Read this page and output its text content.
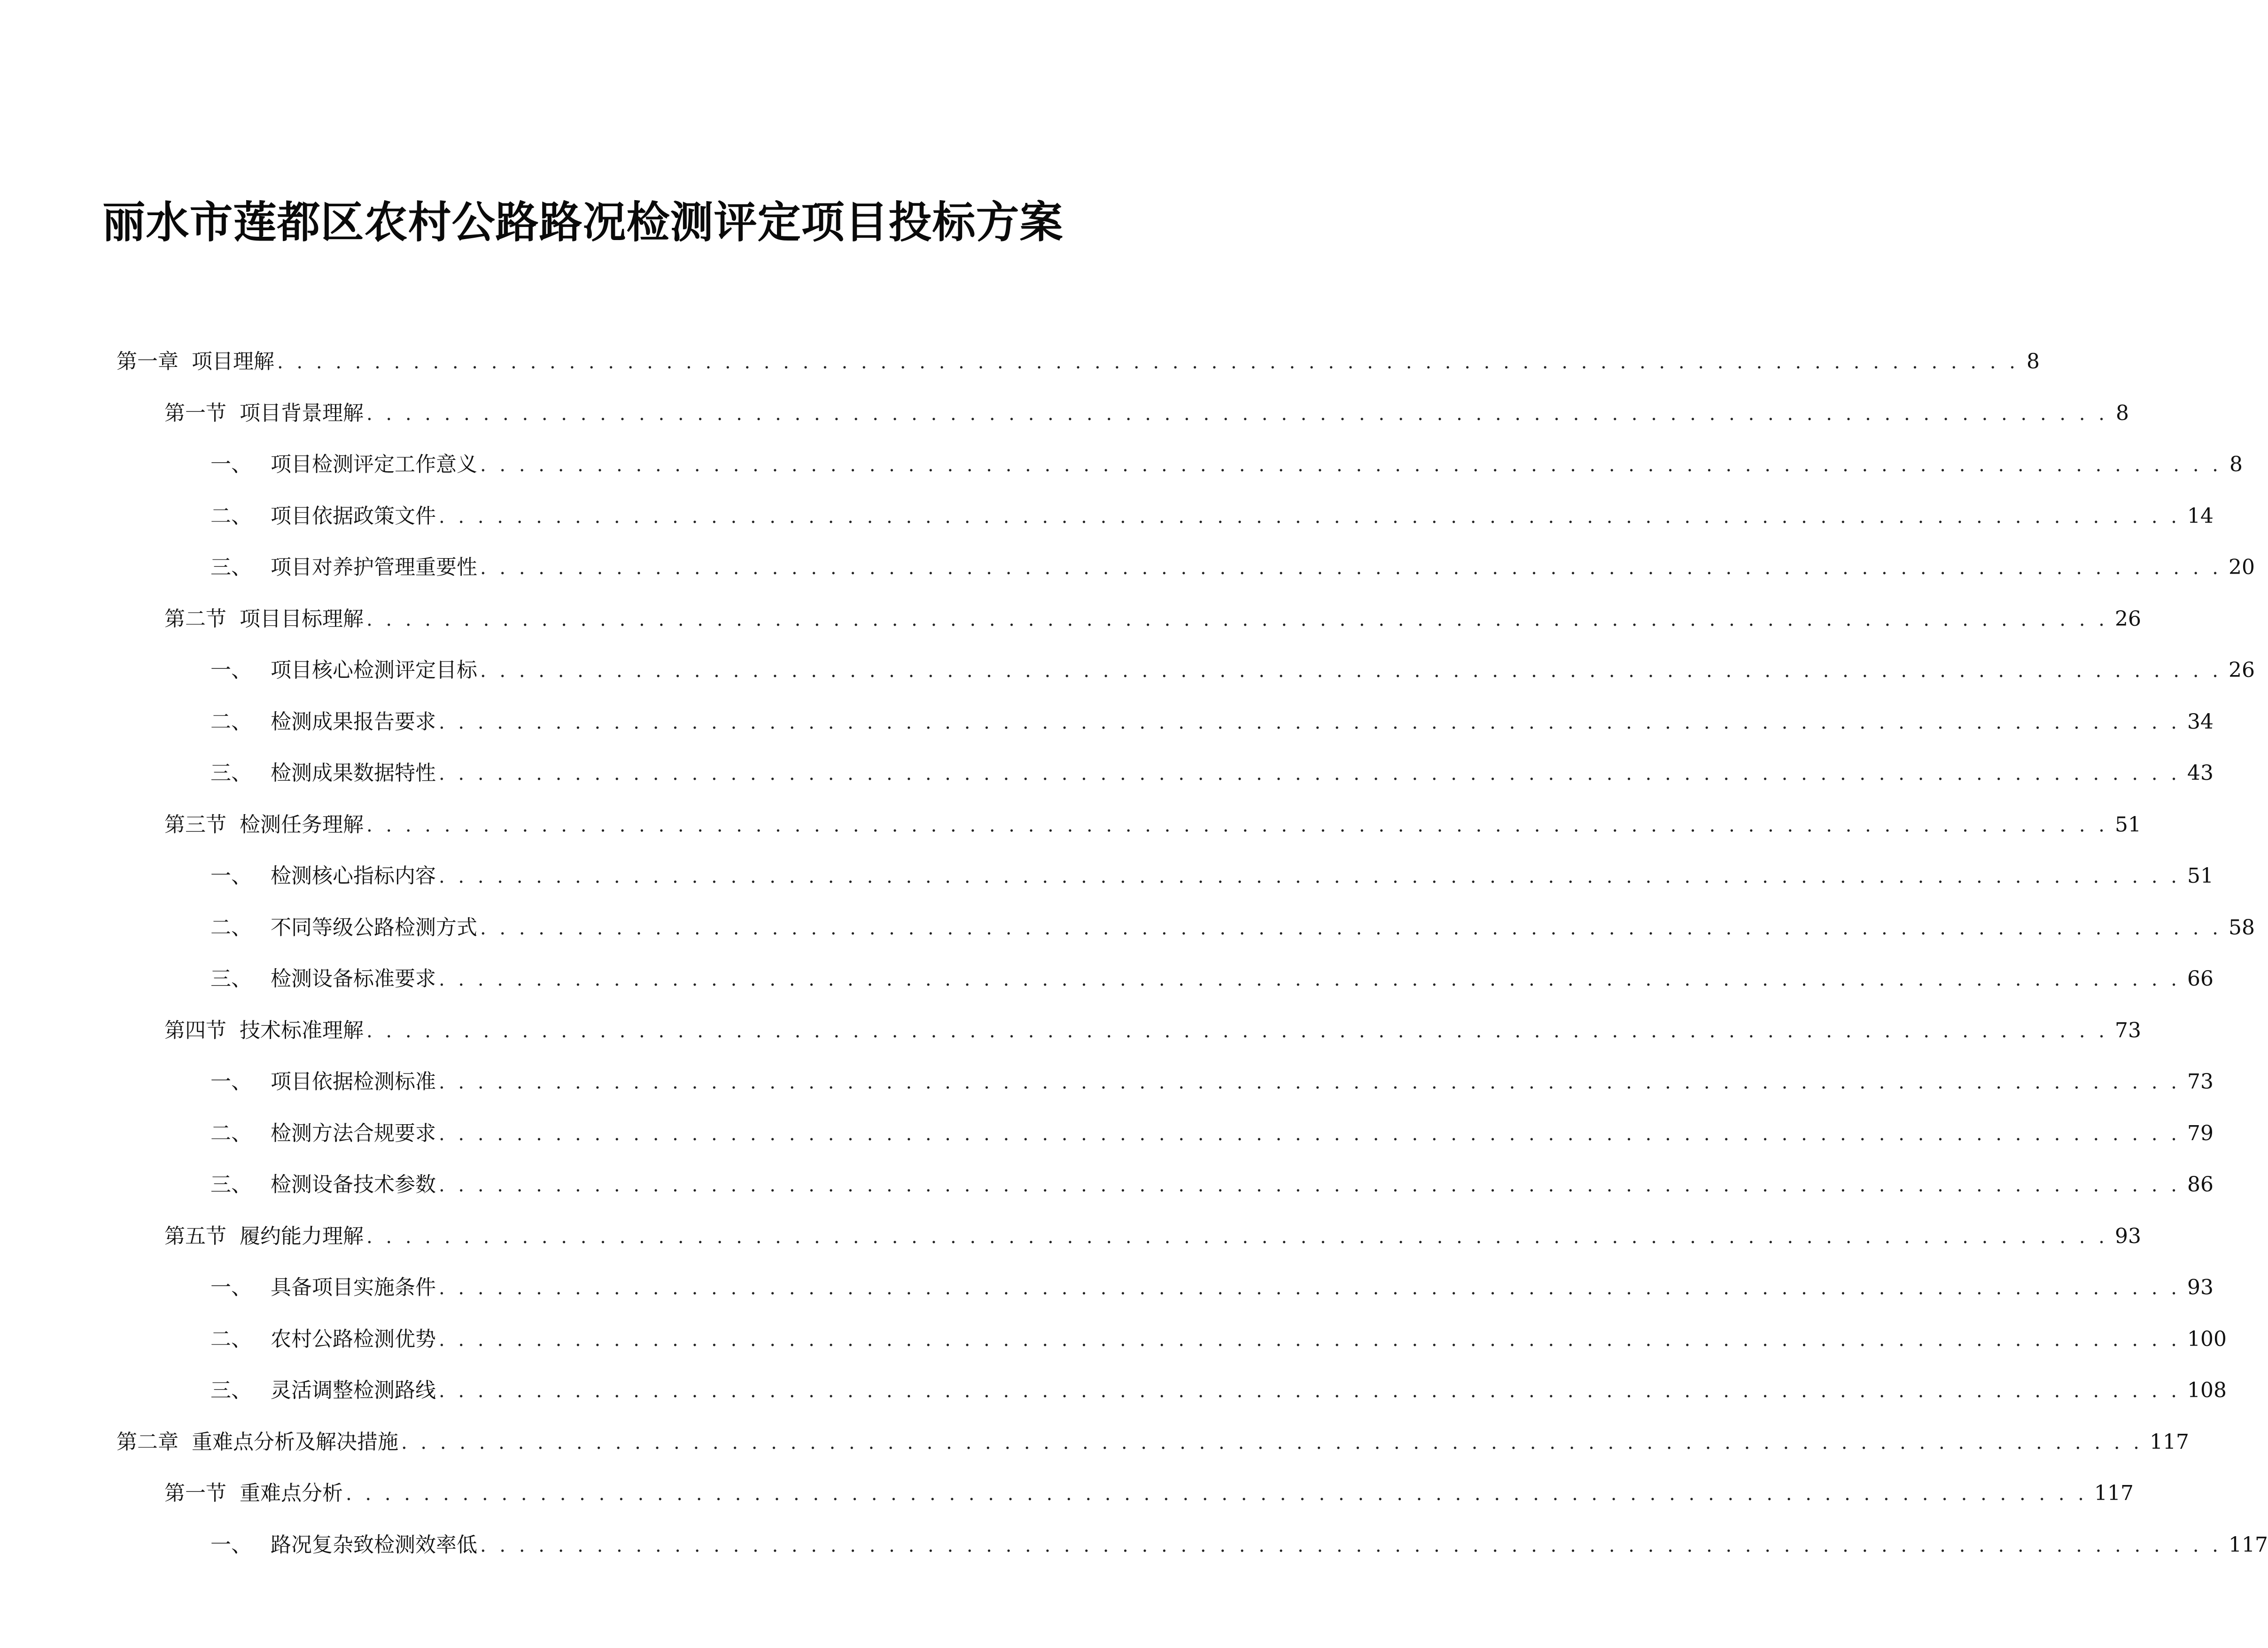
丽水市莲都区农村公路路况检测评定项目投标方案
第一章 项目理解 . . . . . . . . . . . . . . . . . . . . . . . . . . . . . . . . . . . . . . . . . . . . . . . . . . . . . . . . . . . . . . . . . . . . . . . . . . . . . . . . . . . . . . . . . . 8
第一节 项目背景理解 . . . . . . . . . . . . . . . . . . . . . . . . . . . . . . . . . . . . . . . . . . . . . . . . . . . . . . . . . . . . . . . . . . . . . . . . . . . . . . . . . . . . . . . . . . 8
一、 项目检测评定工作意义 . . . . . . . . . . . . . . . . . . . . . . . . . . . . . . . . . . . . . . . . . . . . . . . . . . . . . . . . . . . . . . . . . . . . . . . . . . . . . . . . . . . . . . . . . . 8
二、 项目依据政策文件 . . . . . . . . . . . . . . . . . . . . . . . . . . . . . . . . . . . . . . . . . . . . . . . . . . . . . . . . . . . . . . . . . . . . . . . . . . . . . . . . . . . . . . . . . . 14
三、 项目对养护管理重要性 . . . . . . . . . . . . . . . . . . . . . . . . . . . . . . . . . . . . . . . . . . . . . . . . . . . . . . . . . . . . . . . . . . . . . . . . . . . . . . . . . . . . . . . . . . 20
第二节 项目目标理解 . . . . . . . . . . . . . . . . . . . . . . . . . . . . . . . . . . . . . . . . . . . . . . . . . . . . . . . . . . . . . . . . . . . . . . . . . . . . . . . . . . . . . . . . . . 26
一、 项目核心检测评定目标 . . . . . . . . . . . . . . . . . . . . . . . . . . . . . . . . . . . . . . . . . . . . . . . . . . . . . . . . . . . . . . . . . . . . . . . . . . . . . . . . . . . . . . . . . . 26
二、 检测成果报告要求 . . . . . . . . . . . . . . . . . . . . . . . . . . . . . . . . . . . . . . . . . . . . . . . . . . . . . . . . . . . . . . . . . . . . . . . . . . . . . . . . . . . . . . . . . . 34
三、 检测成果数据特性 . . . . . . . . . . . . . . . . . . . . . . . . . . . . . . . . . . . . . . . . . . . . . . . . . . . . . . . . . . . . . . . . . . . . . . . . . . . . . . . . . . . . . . . . . . 43
第三节 检测任务理解 . . . . . . . . . . . . . . . . . . . . . . . . . . . . . . . . . . . . . . . . . . . . . . . . . . . . . . . . . . . . . . . . . . . . . . . . . . . . . . . . . . . . . . . . . . 51
一、 检测核心指标内容 . . . . . . . . . . . . . . . . . . . . . . . . . . . . . . . . . . . . . . . . . . . . . . . . . . . . . . . . . . . . . . . . . . . . . . . . . . . . . . . . . . . . . . . . . . 51
二、 不同等级公路检测方式 . . . . . . . . . . . . . . . . . . . . . . . . . . . . . . . . . . . . . . . . . . . . . . . . . . . . . . . . . . . . . . . . . . . . . . . . . . . . . . . . . . . . . . . . . . 58
三、 检测设备标准要求 . . . . . . . . . . . . . . . . . . . . . . . . . . . . . . . . . . . . . . . . . . . . . . . . . . . . . . . . . . . . . . . . . . . . . . . . . . . . . . . . . . . . . . . . . . 66
第四节 技术标准理解 . . . . . . . . . . . . . . . . . . . . . . . . . . . . . . . . . . . . . . . . . . . . . . . . . . . . . . . . . . . . . . . . . . . . . . . . . . . . . . . . . . . . . . . . . . 73
一、 项目依据检测标准 . . . . . . . . . . . . . . . . . . . . . . . . . . . . . . . . . . . . . . . . . . . . . . . . . . . . . . . . . . . . . . . . . . . . . . . . . . . . . . . . . . . . . . . . . . 73
二、 检测方法合规要求 . . . . . . . . . . . . . . . . . . . . . . . . . . . . . . . . . . . . . . . . . . . . . . . . . . . . . . . . . . . . . . . . . . . . . . . . . . . . . . . . . . . . . . . . . . 79
三、 检测设备技术参数 . . . . . . . . . . . . . . . . . . . . . . . . . . . . . . . . . . . . . . . . . . . . . . . . . . . . . . . . . . . . . . . . . . . . . . . . . . . . . . . . . . . . . . . . . . 86
第五节 履约能力理解 . . . . . . . . . . . . . . . . . . . . . . . . . . . . . . . . . . . . . . . . . . . . . . . . . . . . . . . . . . . . . . . . . . . . . . . . . . . . . . . . . . . . . . . . . . 93
一、 具备项目实施条件 . . . . . . . . . . . . . . . . . . . . . . . . . . . . . . . . . . . . . . . . . . . . . . . . . . . . . . . . . . . . . . . . . . . . . . . . . . . . . . . . . . . . . . . . . . 93
二、 农村公路检测优势 . . . . . . . . . . . . . . . . . . . . . . . . . . . . . . . . . . . . . . . . . . . . . . . . . . . . . . . . . . . . . . . . . . . . . . . . . . . . . . . . . . . . . . . . . . 100
三、 灵活调整检测路线 . . . . . . . . . . . . . . . . . . . . . . . . . . . . . . . . . . . . . . . . . . . . . . . . . . . . . . . . . . . . . . . . . . . . . . . . . . . . . . . . . . . . . . . . . . 108
第二章 重难点分析及解决措施 . . . . . . . . . . . . . . . . . . . . . . . . . . . . . . . . . . . . . . . . . . . . . . . . . . . . . . . . . . . . . . . . . . . . . . . . . . . . . . . . . . . . . . . . . . 117
第一节 重难点分析 . . . . . . . . . . . . . . . . . . . . . . . . . . . . . . . . . . . . . . . . . . . . . . . . . . . . . . . . . . . . . . . . . . . . . . . . . . . . . . . . . . . . . . . . . . 117
一、 路况复杂致检测效率低 . . . . . . . . . . . . . . . . . . . . . . . . . . . . . . . . . . . . . . . . . . . . . . . . . . . . . . . . . . . . . . . . . . . . . . . . . . . . . . . . . . . . . . . . . . 117
